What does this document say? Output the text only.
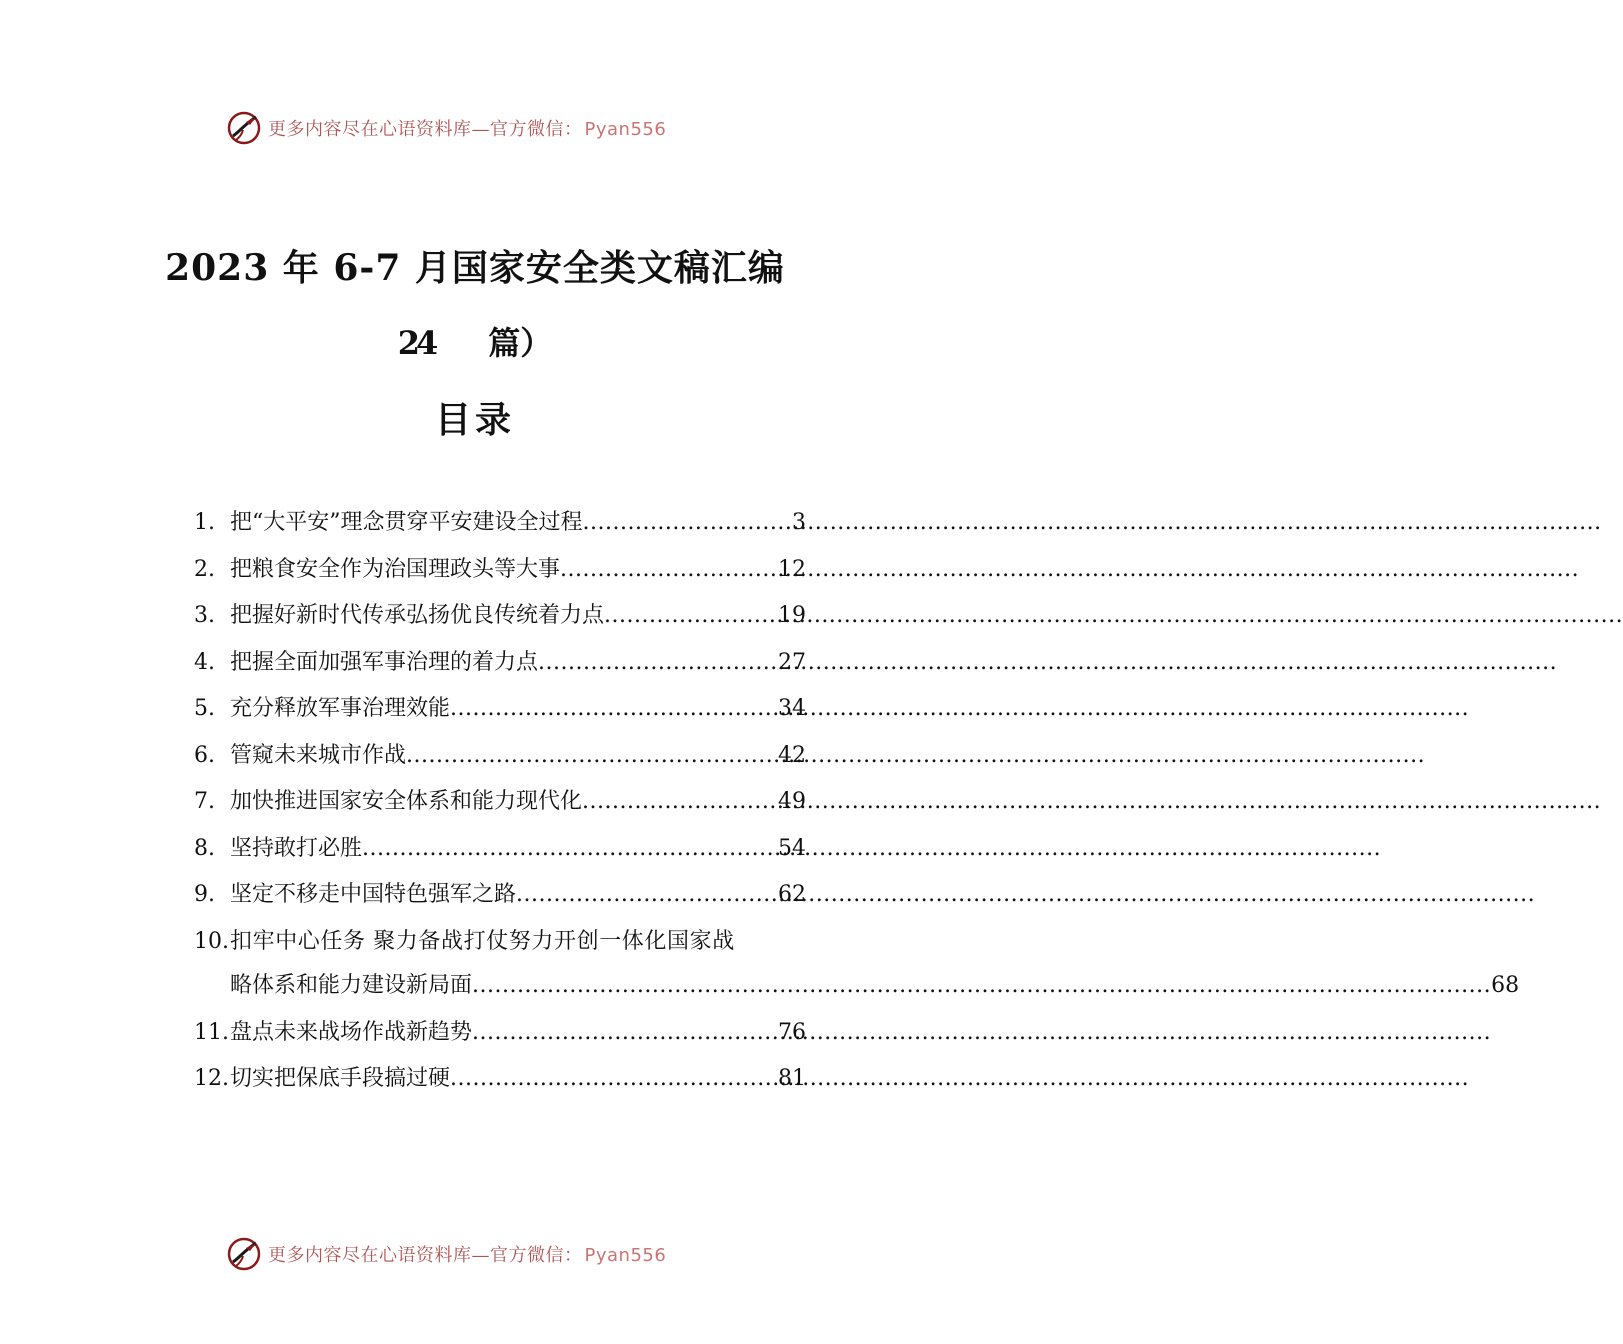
更多内容尽在心语资料库—官方微信： Pyan556
2023 年 6-7 月国家安全类文稿汇编
24 篇）
目录
1. 把“大平安”理念贯穿平安建设全过程 .....	3
2. 把粮食安全作为治国理政头等大事 .....	12
3. 把握好新时代传承弘扬优良传统着力点 .....	19
4. 把握全面加强军事治理的着力点 .....	27
5. 充分释放军事治理效能 .....	34
6. 管窥未来城市作战 .....	42
7. 加快推进国家安全体系和能力现代化 .....	49
8. 坚持敢打必胜 .....	54
9. 坚定不移走中国特色强军之路 .....	62
10. 扣牢中心任务 聚力备战打仗努力开创一体化国家战
略体系和能力建设新局面 .....	68
11. 盘点未来战场作战新趋势 .....	76
12. 切实把保底手段搞过硬 .....	81
更多内容尽在心语资料库—官方微信： Pyan556
